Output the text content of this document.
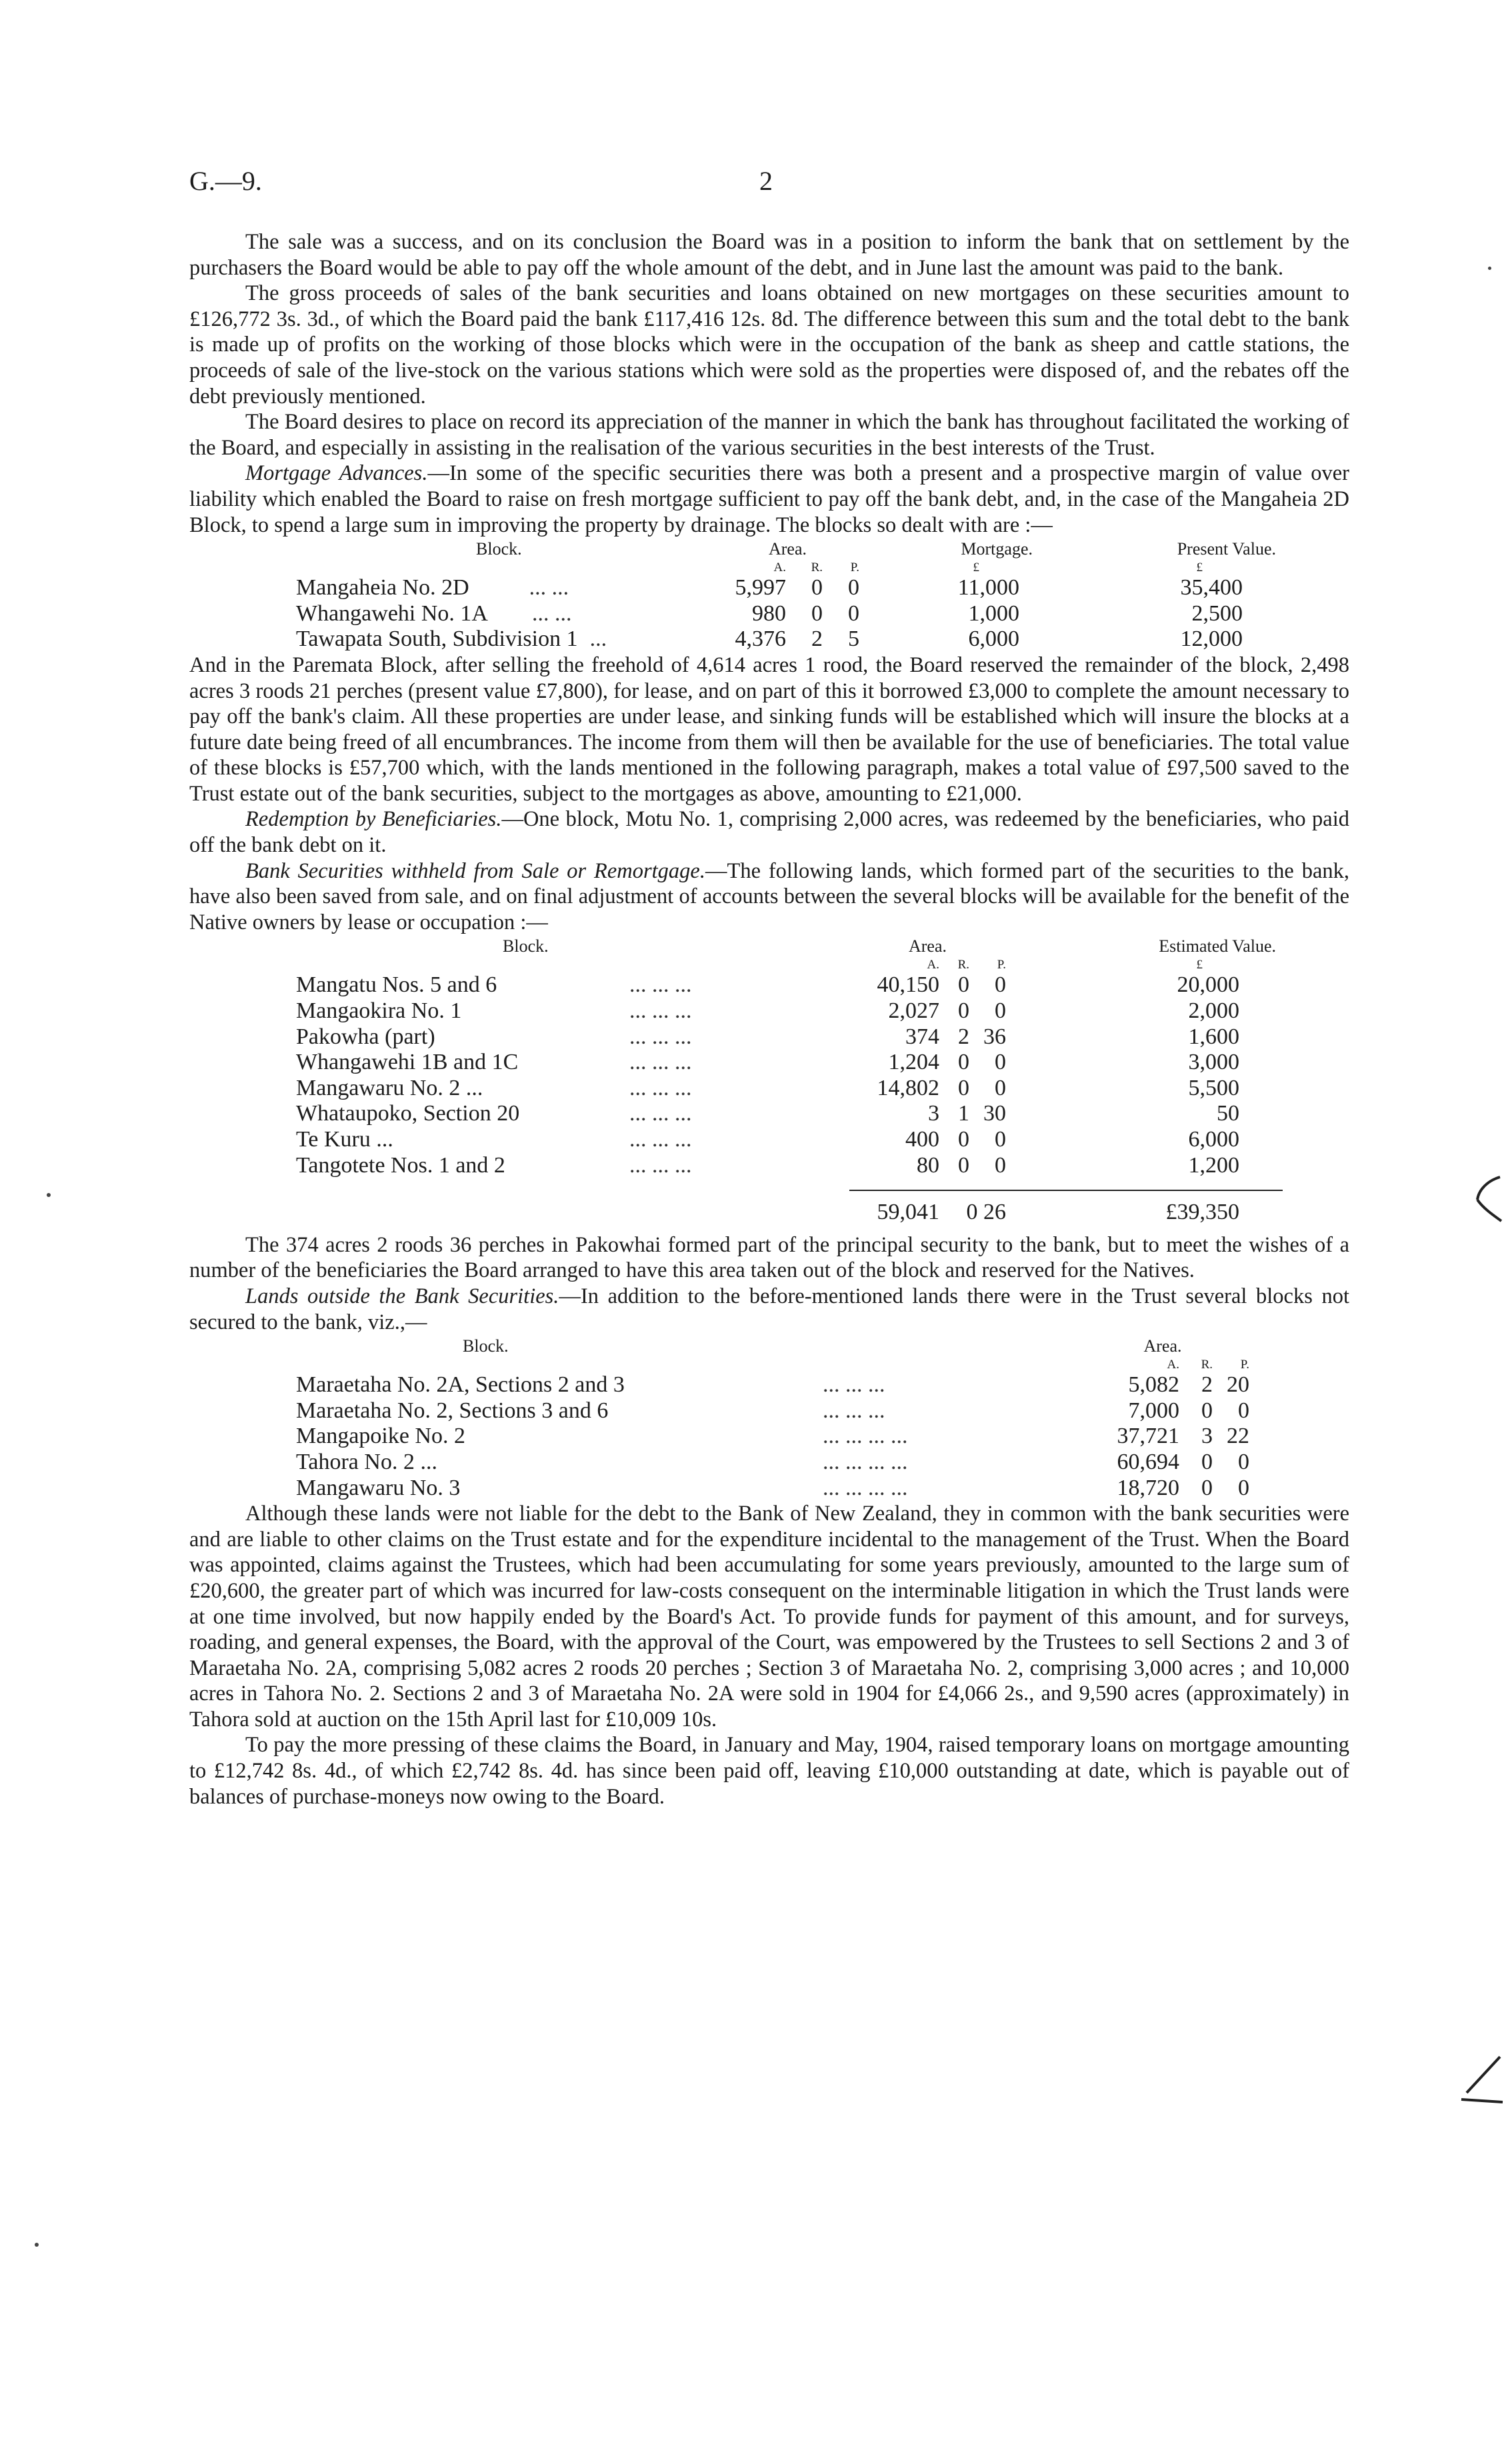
G.—9.	2

The sale was a success, and on its conclusion the Board was in a position to inform the bank that on settlement by the purchasers the Board would be able to pay off the whole amount of the debt, and in June last the amount was paid to the bank.

The gross proceeds of sales of the bank securities and loans obtained on new mortgages on these securities amount to £126,772 3s. 3d., of which the Board paid the bank £117,416 12s. 8d. The difference between this sum and the total debt to the bank is made up of profits on the working of those blocks which were in the occupation of the bank as sheep and cattle stations, the proceeds of sale of the live-stock on the various stations which were sold as the properties were disposed of, and the rebates off the debt previously mentioned.

The Board desires to place on record its appreciation of the manner in which the bank has throughout facilitated the working of the Board, and especially in assisting in the realisation of the various securities in the best interests of the Trust.

Mortgage Advances.—In some of the specific securities there was both a present and a prospective margin of value over liability which enabled the Board to raise on fresh mortgage sufficient to pay off the bank debt, and, in the case of the Mangaheia 2D Block, to spend a large sum in improving the property by drainage. The blocks so dealt with are :—

Block.	Area.			Mortgage.	Present Value.
	A.	R.	P.	£	£
Mangaheia No. 2D ... ...	5,997	0	0	11,000	35,400
Whangawehi No. 1A ... ...	980	0	0	1,000	2,500
Tawapata South, Subdivision 1 ...	4,376	2	5	6,000	12,000

And in the Paremata Block, after selling the freehold of 4,614 acres 1 rood, the Board reserved the remainder of the block, 2,498 acres 3 roods 21 perches (present value £7,800), for lease, and on part of this it borrowed £3,000 to complete the amount necessary to pay off the bank's claim. All these properties are under lease, and sinking funds will be established which will insure the blocks at a future date being freed of all encumbrances. The income from them will then be available for the use of beneficiaries. The total value of these blocks is £57,700 which, with the lands mentioned in the following paragraph, makes a total value of £97,500 saved to the Trust estate out of the bank securities, subject to the mortgages as above, amounting to £21,000.

Redemption by Beneficiaries.—One block, Motu No. 1, comprising 2,000 acres, was redeemed by the beneficiaries, who paid off the bank debt on it.

Bank Securities withheld from Sale or Remortgage.—The following lands, which formed part of the securities to the bank, have also been saved from sale, and on final adjustment of accounts between the several blocks will be available for the benefit of the Native owners by lease or occupation :—

Block.		Area.			Estimated Value.
		A.	R.	P.	£
Mangatu Nos. 5 and 6	... ... ...	40,150	0	0	20,000
Mangaokira No. 1	... ... ...	2,027	0	0	2,000
Pakowha (part)	... ... ...	374	2	36	1,600
Whangawehi 1B and 1C	... ... ...	1,204	0	0	3,000
Mangawaru No. 2 ...	... ... ...	14,802	0	0	5,500
Whataupoko, Section 20	... ... ...	3	1	30	50
Te Kuru ...	... ... ...	400	0	0	6,000
Tangotete Nos. 1 and 2	... ... ...	80	0	0	1,200

		59,041	0 26		£39,350

The 374 acres 2 roods 36 perches in Pakowhai formed part of the principal security to the bank, but to meet the wishes of a number of the beneficiaries the Board arranged to have this area taken out of the block and reserved for the Natives.

Lands outside the Bank Securities.—In addition to the before-mentioned lands there were in the Trust several blocks not secured to the bank, viz.,—

Block.		Area.		
		A.	R.	P.
Maraetaha No. 2A, Sections 2 and 3	... ... ...	5,082	2	20
Maraetaha No. 2, Sections 3 and 6	... ... ...	7,000	0	0
Mangapoike No. 2	... ... ... ...	37,721	3	22
Tahora No. 2 ...	... ... ... ...	60,694	0	0
Mangawaru No. 3	... ... ... ...	18,720	0	0

Although these lands were not liable for the debt to the Bank of New Zealand, they in common with the bank securities were and are liable to other claims on the Trust estate and for the expenditure incidental to the management of the Trust. When the Board was appointed, claims against the Trustees, which had been accumulating for some years previously, amounted to the large sum of £20,600, the greater part of which was incurred for law-costs consequent on the interminable litigation in which the Trust lands were at one time involved, but now happily ended by the Board's Act. To provide funds for payment of this amount, and for surveys, roading, and general expenses, the Board, with the approval of the Court, was empowered by the Trustees to sell Sections 2 and 3 of Maraetaha No. 2A, comprising 5,082 acres 2 roods 20 perches ; Section 3 of Maraetaha No. 2, comprising 3,000 acres ; and 10,000 acres in Tahora No. 2. Sections 2 and 3 of Maraetaha No. 2A were sold in 1904 for £4,066 2s., and 9,590 acres (approximately) in Tahora sold at auction on the 15th April last for £10,009 10s.

To pay the more pressing of these claims the Board, in January and May, 1904, raised temporary loans on mortgage amounting to £12,742 8s. 4d., of which £2,742 8s. 4d. has since been paid off, leaving £10,000 outstanding at date, which is payable out of balances of purchase-moneys now owing to the Board.
